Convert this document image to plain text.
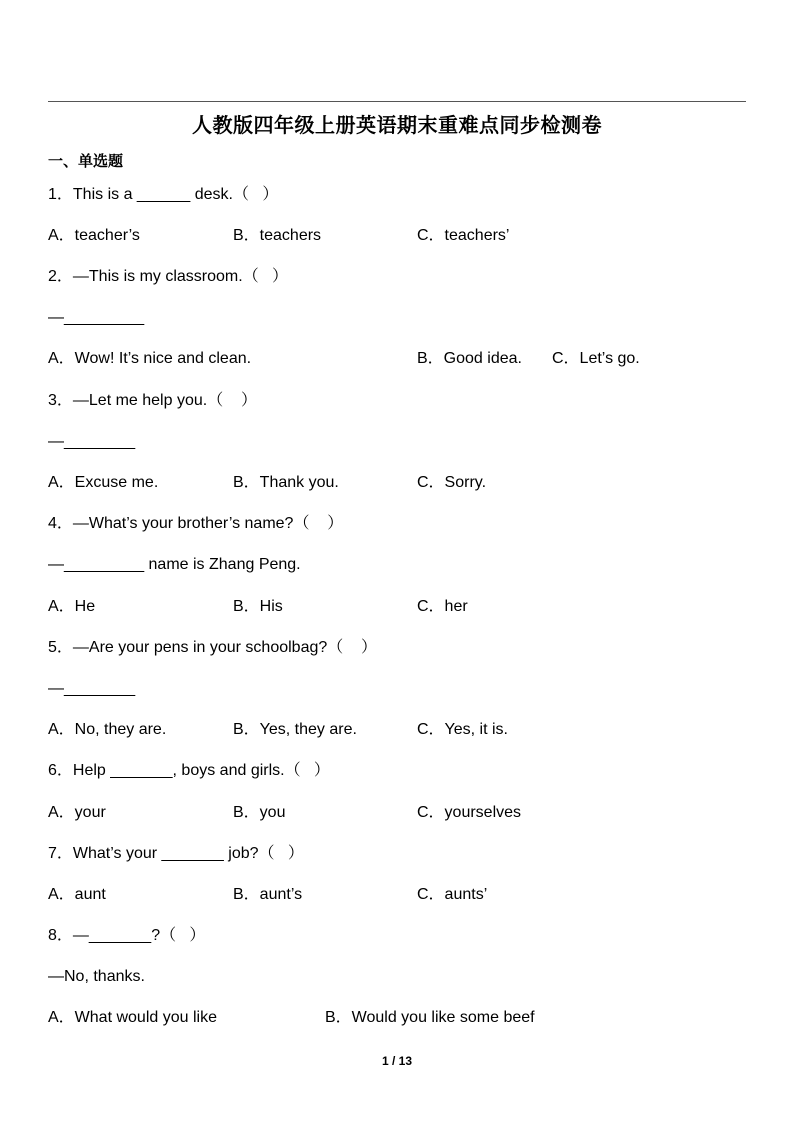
人教版四年级上册英语期末重难点同步检测卷
一、单选题
1．This is a ______ desk.（   ）
A．teacher’s	B．teachers	C．teachers’
2．—This is my classroom.（   ）
—_________
A．Wow! It’s nice and clean.	B．Good idea. C．Let’s go.
3．—Let me help you.（    ）
—________
A．Excuse me.	B．Thank you.	C．Sorry.
4．—What’s your brother’s name?（    ）
—_________ name is Zhang Peng.
A．He	B．His	C．her
5．—Are your pens in your schoolbag?（    ）
—________
A．No, they are.	B．Yes, they are.	C．Yes, it is.
6．Help _______, boys and girls.（   ）
A．your	B．you	C．yourselves
7．What’s your _______ job?（   ）
A．aunt	B．aunt’s	C．aunts’
8．—_______?（   ）
—No, thanks.
A．What would you like	B．Would you like some beef
1 / 13
